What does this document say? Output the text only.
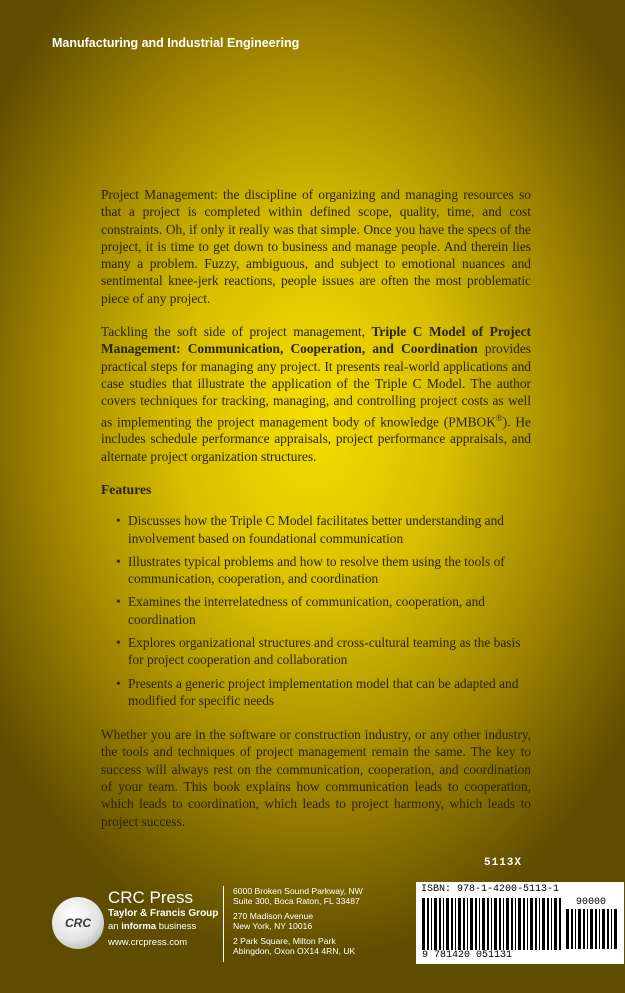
Manufacturing and Industrial Engineering

Project Management: the discipline of organizing and managing resources so that a project is completed within defined scope, quality, time, and cost constraints. Oh, if only it really was that simple. Once you have the specs of the project, it is time to get down to business and manage people. And therein lies many a problem. Fuzzy, ambiguous, and subject to emotional nuances and sentimental knee-jerk reactions, people issues are often the most problematic piece of any project.

Tackling the soft side of project management, Triple C Model of Project Management: Communication, Cooperation, and Coordination provides practical steps for managing any project. It presents real-world applications and case studies that illustrate the application of the Triple C Model. The author covers techniques for tracking, managing, and controlling project costs as well as implementing the project management body of knowledge (PMBOK®). He includes schedule performance appraisals, project performance appraisals, and alternate project organization structures.

Features
• Discusses how the Triple C Model facilitates better understanding and involvement based on foundational communication
• Illustrates typical problems and how to resolve them using the tools of communication, cooperation, and coordination
• Examines the interrelatedness of communication, cooperation, and coordination
• Explores organizational structures and cross-cultural teaming as the basis for project cooperation and collaboration
• Presents a generic project implementation model that can be adapted and modified for specific needs

Whether you are in the software or construction industry, or any other industry, the tools and techniques of project management remain the same. The key to success will always rest on the communication, cooperation, and coordination of your team. This book explains how communication leads to cooperation, which leads to coordination, which leads to project harmony, which leads to project success.

CRC
CRC Press
Taylor & Francis Group
an informa business
www.crcpress.com
6000 Broken Sound Parkway, NW
Suite 300, Boca Raton, FL 33487
270 Madison Avenue
New York, NY 10016
2 Park Square, Milton Park
Abingdon, Oxon OX14 4RN, UK
5113X
ISBN: 978-1-4200-5113-1
90000
9 781420 051131
